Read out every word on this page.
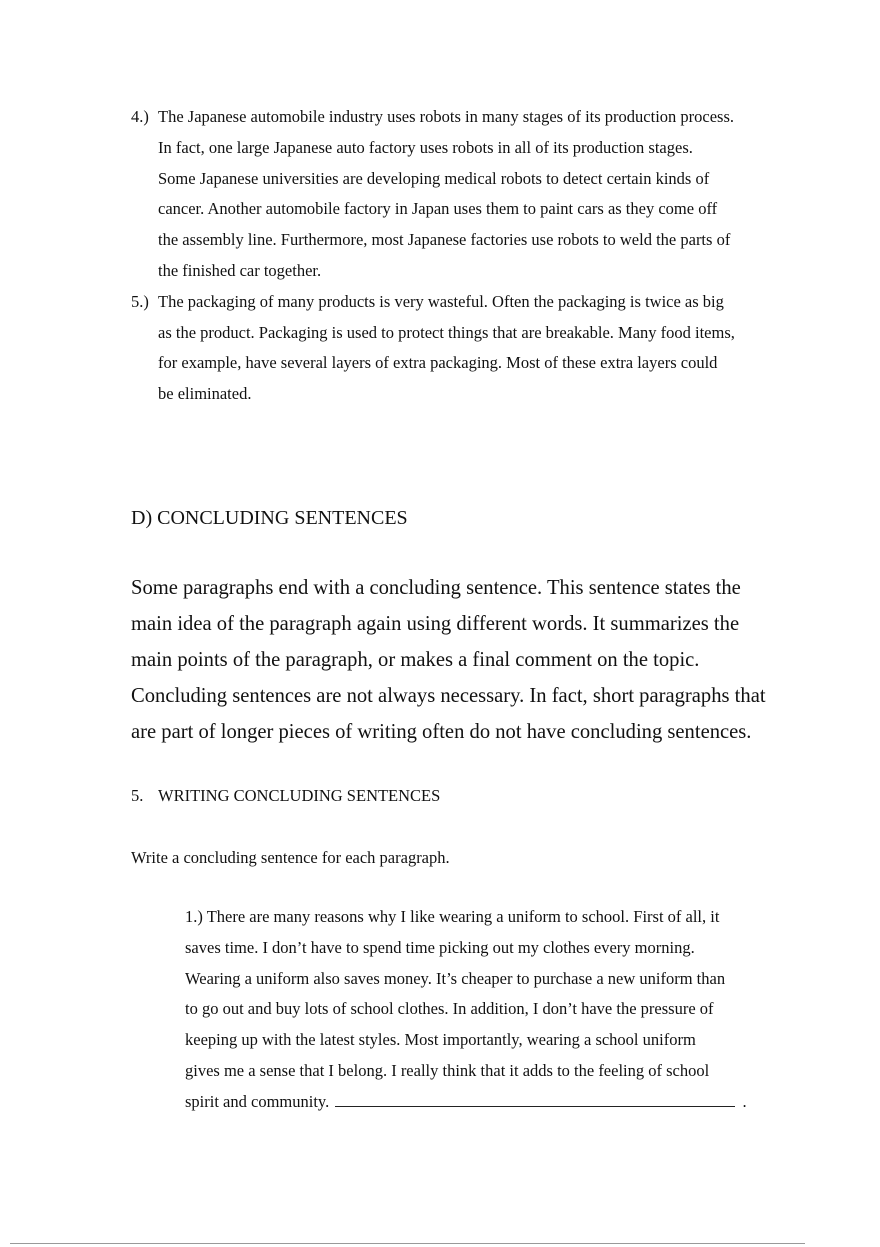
4.) The Japanese automobile industry uses robots in many stages of its production process.
In fact, one large Japanese auto factory uses robots in all of its production stages.
Some Japanese universities are developing medical robots to detect certain kinds of
cancer. Another automobile factory in Japan uses them to paint cars as they come off
the assembly line. Furthermore, most Japanese factories use robots to weld the parts of
the finished car together.
5.) The packaging of many products is very wasteful. Often the packaging is twice as big
as the product. Packaging is used to protect things that are breakable. Many food items,
for example, have several layers of extra packaging. Most of these extra layers could
be eliminated.
D) CONCLUDING SENTENCES
Some paragraphs end with a concluding sentence. This sentence states the
main idea of the paragraph again using different words. It summarizes the
main points of the paragraph, or makes a final comment on the topic.
Concluding sentences are not always necessary. In fact, short paragraphs that
are part of longer pieces of writing often do not have concluding sentences.
5. WRITING CONCLUDING SENTENCES
Write a concluding sentence for each paragraph.
1.) There are many reasons why I like wearing a uniform to school. First of all, it
saves time. I don’t have to spend time picking out my clothes every morning.
Wearing a uniform also saves money. It’s cheaper to purchase a new uniform than
to go out and buy lots of school clothes. In addition, I don’t have the pressure of
keeping up with the latest styles. Most importantly, wearing a school uniform
gives me a sense that I belong. I really think that it adds to the feeling of school
spirit and community.	.
